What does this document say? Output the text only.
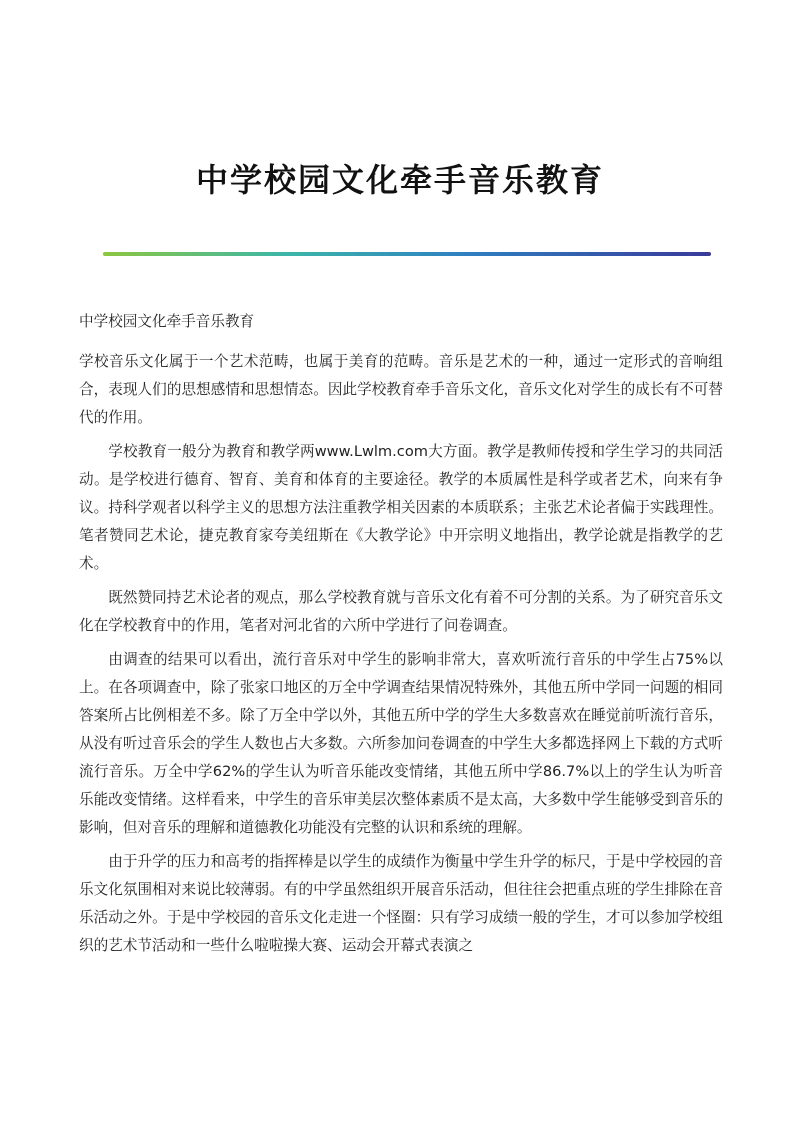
中学校园文化牵手音乐教育

中学校园文化牵手音乐教育

学校音乐文化属于一个艺术范畴，也属于美育的范畴。音乐是艺术的一种，通过一定形式的音响组合，表现人们的思想感情和思想情态。因此学校教育牵手音乐文化，音乐文化对学生的成长有不可替代的作用。

学校教育一般分为教育和教学两www.Lwlm.com大方面。教学是教师传授和学生学习的共同活动。是学校进行德育、智育、美育和体育的主要途径。教学的本质属性是科学或者艺术，向来有争议。持科学观者以科学主义的思想方法注重教学相关因素的本质联系；主张艺术论者偏于实践理性。笔者赞同艺术论，捷克教育家夸美纽斯在《大教学论》中开宗明义地指出，教学论就是指教学的艺术。

既然赞同持艺术论者的观点，那么学校教育就与音乐文化有着不可分割的关系。为了研究音乐文化在学校教育中的作用，笔者对河北省的六所中学进行了问卷调查。

由调查的结果可以看出，流行音乐对中学生的影响非常大，喜欢听流行音乐的中学生占75%以上。在各项调查中，除了张家口地区的万全中学调查结果情况特殊外，其他五所中学同一问题的相同答案所占比例相差不多。除了万全中学以外，其他五所中学的学生大多数喜欢在睡觉前听流行音乐，从没有听过音乐会的学生人数也占大多数。六所参加问卷调查的中学生大多都选择网上下载的方式听流行音乐。万全中学62%的学生认为听音乐能改变情绪，其他五所中学86.7%以上的学生认为听音乐能改变情绪。这样看来，中学生的音乐审美层次整体素质不是太高，大多数中学生能够受到音乐的影响，但对音乐的理解和道德教化功能没有完整的认识和系统的理解。

由于升学的压力和高考的指挥棒是以学生的成绩作为衡量中学生升学的标尺，于是中学校园的音乐文化氛围相对来说比较薄弱。有的中学虽然组织开展音乐活动，但往往会把重点班的学生排除在音乐活动之外。于是中学校园的音乐文化走进一个怪圈：只有学习成绩一般的学生，才可以参加学校组织的艺术节活动和一些什么啦啦操大赛、运动会开幕式表演之
